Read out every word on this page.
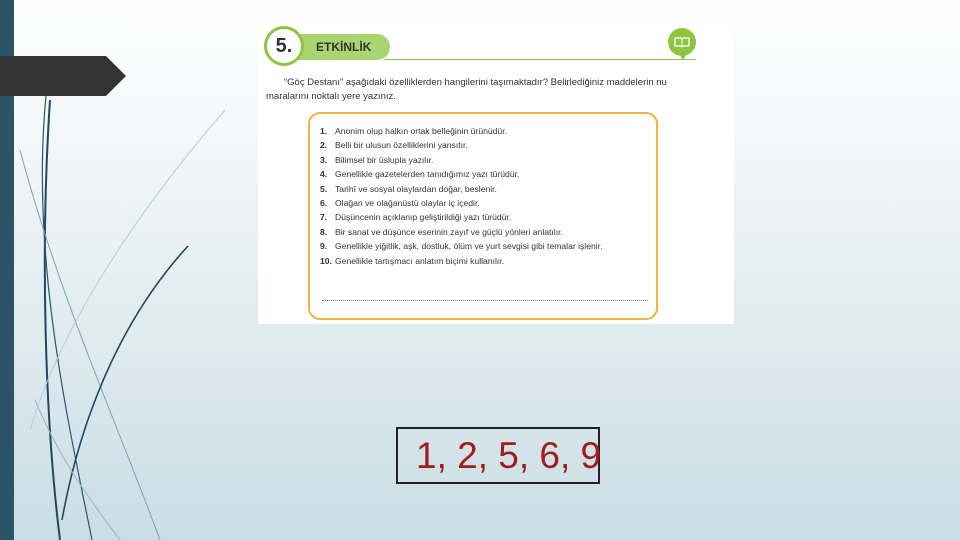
ETKİNLİK
5.
“Göç Destanı” aşağıdaki özelliklerden hangilerini taşımaktadır? Belirlediğiniz maddelerin nu
maralarını noktalı yere yazınız.
1. Anonim olup halkın ortak belleğinin ürünüdür.
2. Belli bir ulusun özelliklerini yansıtır.
3. Bilimsel bir üslupla yazılır.
4. Genellikle gazetelerden tanıdığımız yazı türüdür.
5. Tarihî ve sosyal olaylardan doğar, beslenir.
6. Olağan ve olağanüstü olaylar iç içedir.
7. Düşüncenin açıklanıp geliştirildiği yazı türüdür.
8. Bir sanat ve düşünce eserinin zayıf ve güçlü yönleri anlatılır.
9. Genellikle yiğitlik, aşk, dostluk, ölüm ve yurt sevgisi gibi temalar işlenir.
10. Genellikle tartışmacı anlatım biçimi kullanılır.
1, 2, 5, 6, 9
